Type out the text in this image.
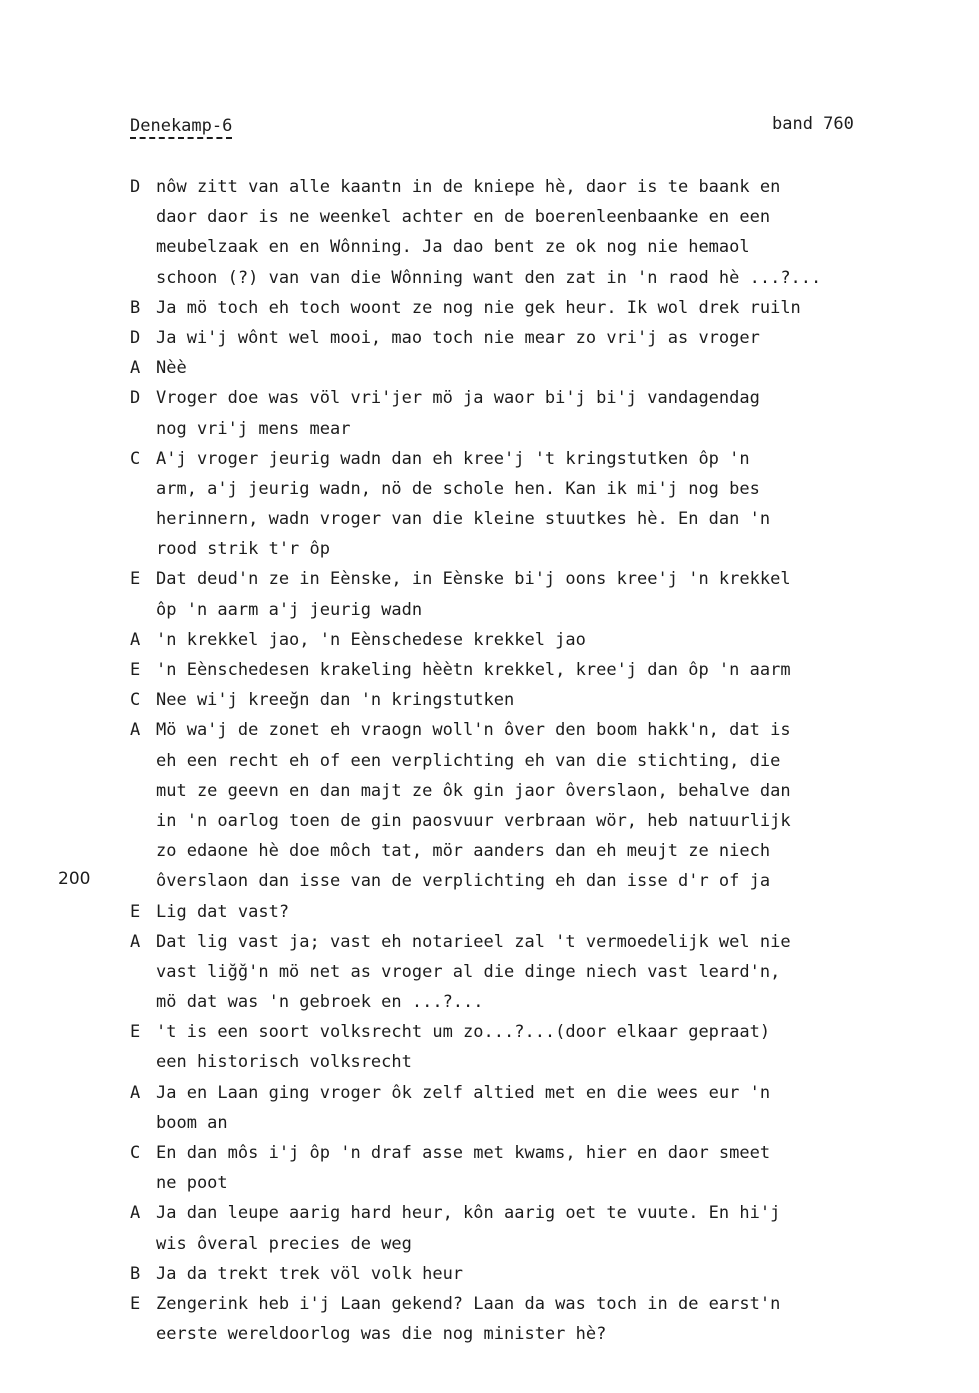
Denekamp-6	band 760
200
D nôw zitt van alle kaantn in de kniepe hè, daor is te baank en
daor daor is ne weenkel achter en de boerenleenbaanke en een
meubelzaak en en Wônning. Ja dao bent ze ok nog nie hemaol
schoon (?) van van die Wônning want den zat in 'n raod hè ...?...
B Ja mö toch eh toch woont ze nog nie gek heur. Ik wol drek ruiln
D Ja wi'j wônt wel mooi, mao toch nie mear zo vri'j as vroger
A Nèè
D Vroger doe was völ vri'jer mö ja waor bi'j bi'j vandagendag
nog vri'j mens mear
C A'j vroger jeurig wadn dan eh kree'j 't kringstutken ôp 'n
arm, a'j jeurig wadn, nö de schole hen. Kan ik mi'j nog bes
herinnern, wadn vroger van die kleine stuutkes hè. En dan 'n
rood strik t'r ôp
E Dat deud'n ze in Eènske, in Eènske bi'j oons kree'j 'n krekkel
ôp 'n aarm a'j jeurig wadn
A 'n krekkel jao, 'n Eènschedese krekkel jao
E 'n Eènschedesen krakeling hèètn krekkel, kree'j dan ôp 'n aarm
C Nee wi'j kreeğn dan 'n kringstutken
A Mö wa'j de zonet eh vraogn woll'n ôver den boom hakk'n, dat is
eh een recht eh of een verplichting eh van die stichting, die
mut ze geevn en dan majt ze ôk gin jaor ôverslaon, behalve dan
in 'n oarlog toen de gin paosvuur verbraan wör, heb natuurlijk
zo edaone hè doe môch tat, mör aanders dan eh meujt ze niech
ôverslaon dan isse van de verplichting eh dan isse d'r of ja
E Lig dat vast?
A Dat lig vast ja; vast eh notarieel zal 't vermoedelijk wel nie
vast liğğ'n mö net as vroger al die dinge niech vast leard'n,
mö dat was 'n gebroek en ...?...
E 't is een soort volksrecht um zo...?...(door elkaar gepraat)
een historisch volksrecht
A Ja en Laan ging vroger ôk zelf altied met en die wees eur 'n
boom an
C En dan môs i'j ôp 'n draf asse met kwams, hier en daor smeet
ne poot
A Ja dan leupe aarig hard heur, kôn aarig oet te vuute. En hi'j
wis ôveral precies de weg
B Ja da trekt trek völ volk heur
E Zengerink heb i'j Laan gekend? Laan da was toch in de earst'n
eerste wereldoorlog was die nog minister hè?
